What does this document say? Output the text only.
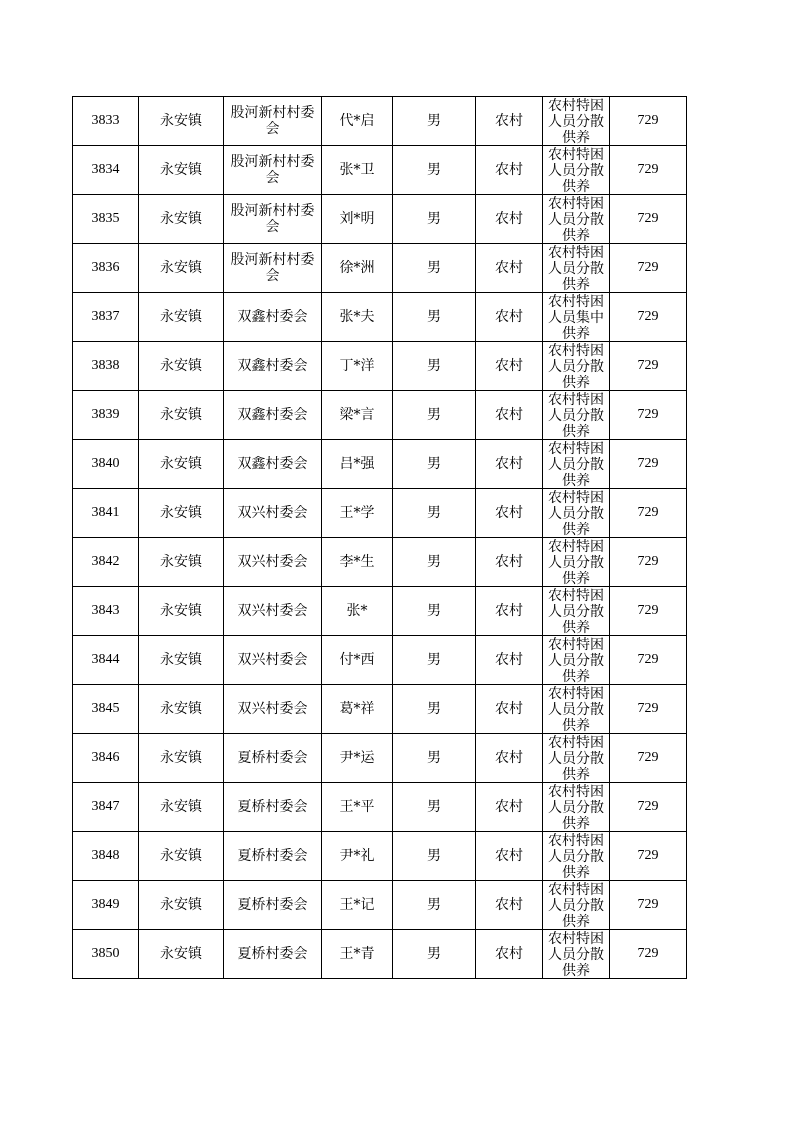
3833	永安镇	股河新村村委会	代*启	男	农村	农村特困人员分散供养	729
3834	永安镇	股河新村村委会	张*卫	男	农村	农村特困人员分散供养	729
3835	永安镇	股河新村村委会	刘*明	男	农村	农村特困人员分散供养	729
3836	永安镇	股河新村村委会	徐*洲	男	农村	农村特困人员分散供养	729
3837	永安镇	双鑫村委会	张*夫	男	农村	农村特困人员集中供养	729
3838	永安镇	双鑫村委会	丁*洋	男	农村	农村特困人员分散供养	729
3839	永安镇	双鑫村委会	梁*言	男	农村	农村特困人员分散供养	729
3840	永安镇	双鑫村委会	吕*强	男	农村	农村特困人员分散供养	729
3841	永安镇	双兴村委会	王*学	男	农村	农村特困人员分散供养	729
3842	永安镇	双兴村委会	李*生	男	农村	农村特困人员分散供养	729
3843	永安镇	双兴村委会	张*	男	农村	农村特困人员分散供养	729
3844	永安镇	双兴村委会	付*西	男	农村	农村特困人员分散供养	729
3845	永安镇	双兴村委会	葛*祥	男	农村	农村特困人员分散供养	729
3846	永安镇	夏桥村委会	尹*运	男	农村	农村特困人员分散供养	729
3847	永安镇	夏桥村委会	王*平	男	农村	农村特困人员分散供养	729
3848	永安镇	夏桥村委会	尹*礼	男	农村	农村特困人员分散供养	729
3849	永安镇	夏桥村委会	王*记	男	农村	农村特困人员分散供养	729
3850	永安镇	夏桥村委会	王*青	男	农村	农村特困人员分散供养	729
